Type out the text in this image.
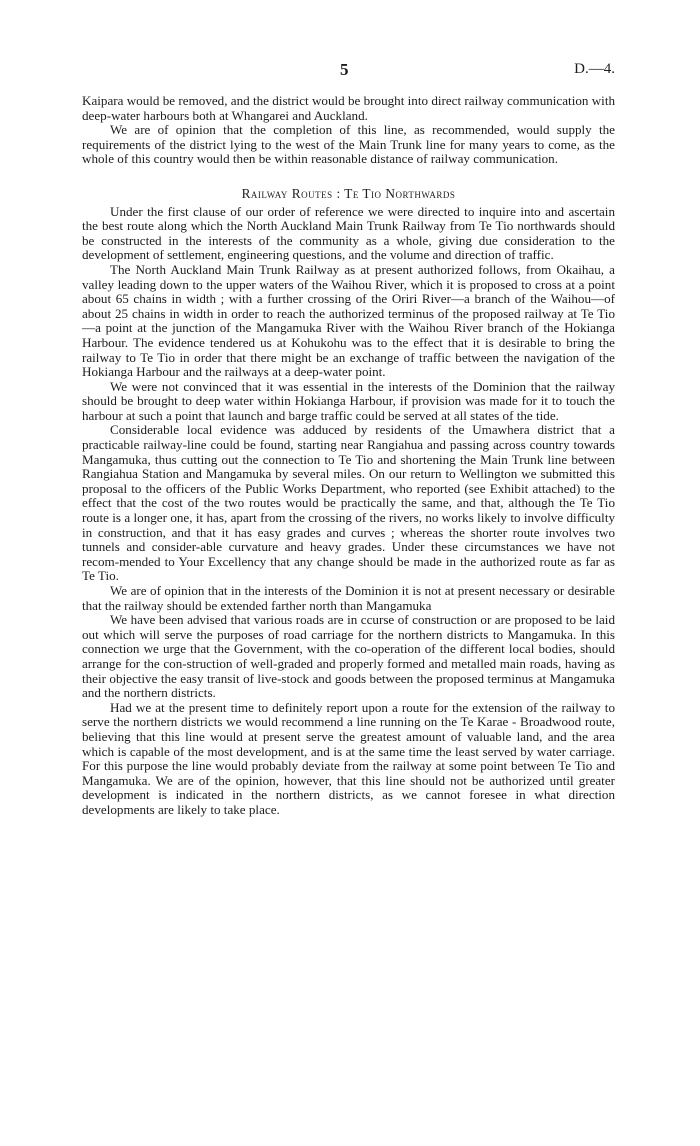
5	D.—4.

Kaipara would be removed, and the district would be brought into direct railway communication with deep-water harbours both at Whangarei and Auckland.

We are of opinion that the completion of this line, as recommended, would supply the requirements of the district lying to the west of the Main Trunk line for many years to come, as the whole of this country would then be within reasonable distance of railway communication.

Railway Routes : Te Tio Northwards

Under the first clause of our order of reference we were directed to inquire into and ascertain the best route along which the North Auckland Main Trunk Railway from Te Tio northwards should be constructed in the interests of the community as a whole, giving due consideration to the development of settlement, engineering questions, and the volume and direction of traffic.

The North Auckland Main Trunk Railway as at present authorized follows, from Okaihau, a valley leading down to the upper waters of the Waihou River, which it is proposed to cross at a point about 65 chains in width ; with a further crossing of the Oriri River—a branch of the Waihou—of about 25 chains in width in order to reach the authorized terminus of the proposed railway at Te Tio—a point at the junction of the Mangamuka River with the Waihou River branch of the Hokianga Harbour. The evidence tendered us at Kohukohu was to the effect that it is desirable to bring the railway to Te Tio in order that there might be an exchange of traffic between the navigation of the Hokianga Harbour and the railways at a deep-water point.

We were not convinced that it was essential in the interests of the Dominion that the railway should be brought to deep water within Hokianga Harbour, if provision was made for it to touch the harbour at such a point that launch and barge traffic could be served at all states of the tide.

Considerable local evidence was adduced by residents of the Umawhera district that a practicable railway-line could be found, starting near Rangiahua and passing across country towards Mangamuka, thus cutting out the connection to Te Tio and shortening the Main Trunk line between Rangiahua Station and Mangamuka by several miles. On our return to Wellington we submitted this proposal to the officers of the Public Works Department, who reported (see Exhibit attached) to the effect that the cost of the two routes would be practically the same, and that, although the Te Tio route is a longer one, it has, apart from the crossing of the rivers, no works likely to involve difficulty in construction, and that it has easy grades and curves ; whereas the shorter route involves two tunnels and consider-able curvature and heavy grades. Under these circumstances we have not recom-mended to Your Excellency that any change should be made in the authorized route as far as Te Tio.

We are of opinion that in the interests of the Dominion it is not at present necessary or desirable that the railway should be extended farther north than Mangamuka

We have been advised that various roads are in ccurse of construction or are proposed to be laid out which will serve the purposes of road carriage for the northern districts to Mangamuka. In this connection we urge that the Government, with the co-operation of the different local bodies, should arrange for the con-struction of well-graded and properly formed and metalled main roads, having as their objective the easy transit of live-stock and goods between the proposed terminus at Mangamuka and the northern districts.

Had we at the present time to definitely report upon a route for the extension of the railway to serve the northern districts we would recommend a line running on the Te Karae - Broadwood route, believing that this line would at present serve the greatest amount of valuable land, and the area which is capable of the most development, and is at the same time the least served by water carriage. For this purpose the line would probably deviate from the railway at some point between Te Tio and Mangamuka. We are of the opinion, however, that this line should not be authorized until greater development is indicated in the northern districts, as we cannot foresee in what direction developments are likely to take place.
